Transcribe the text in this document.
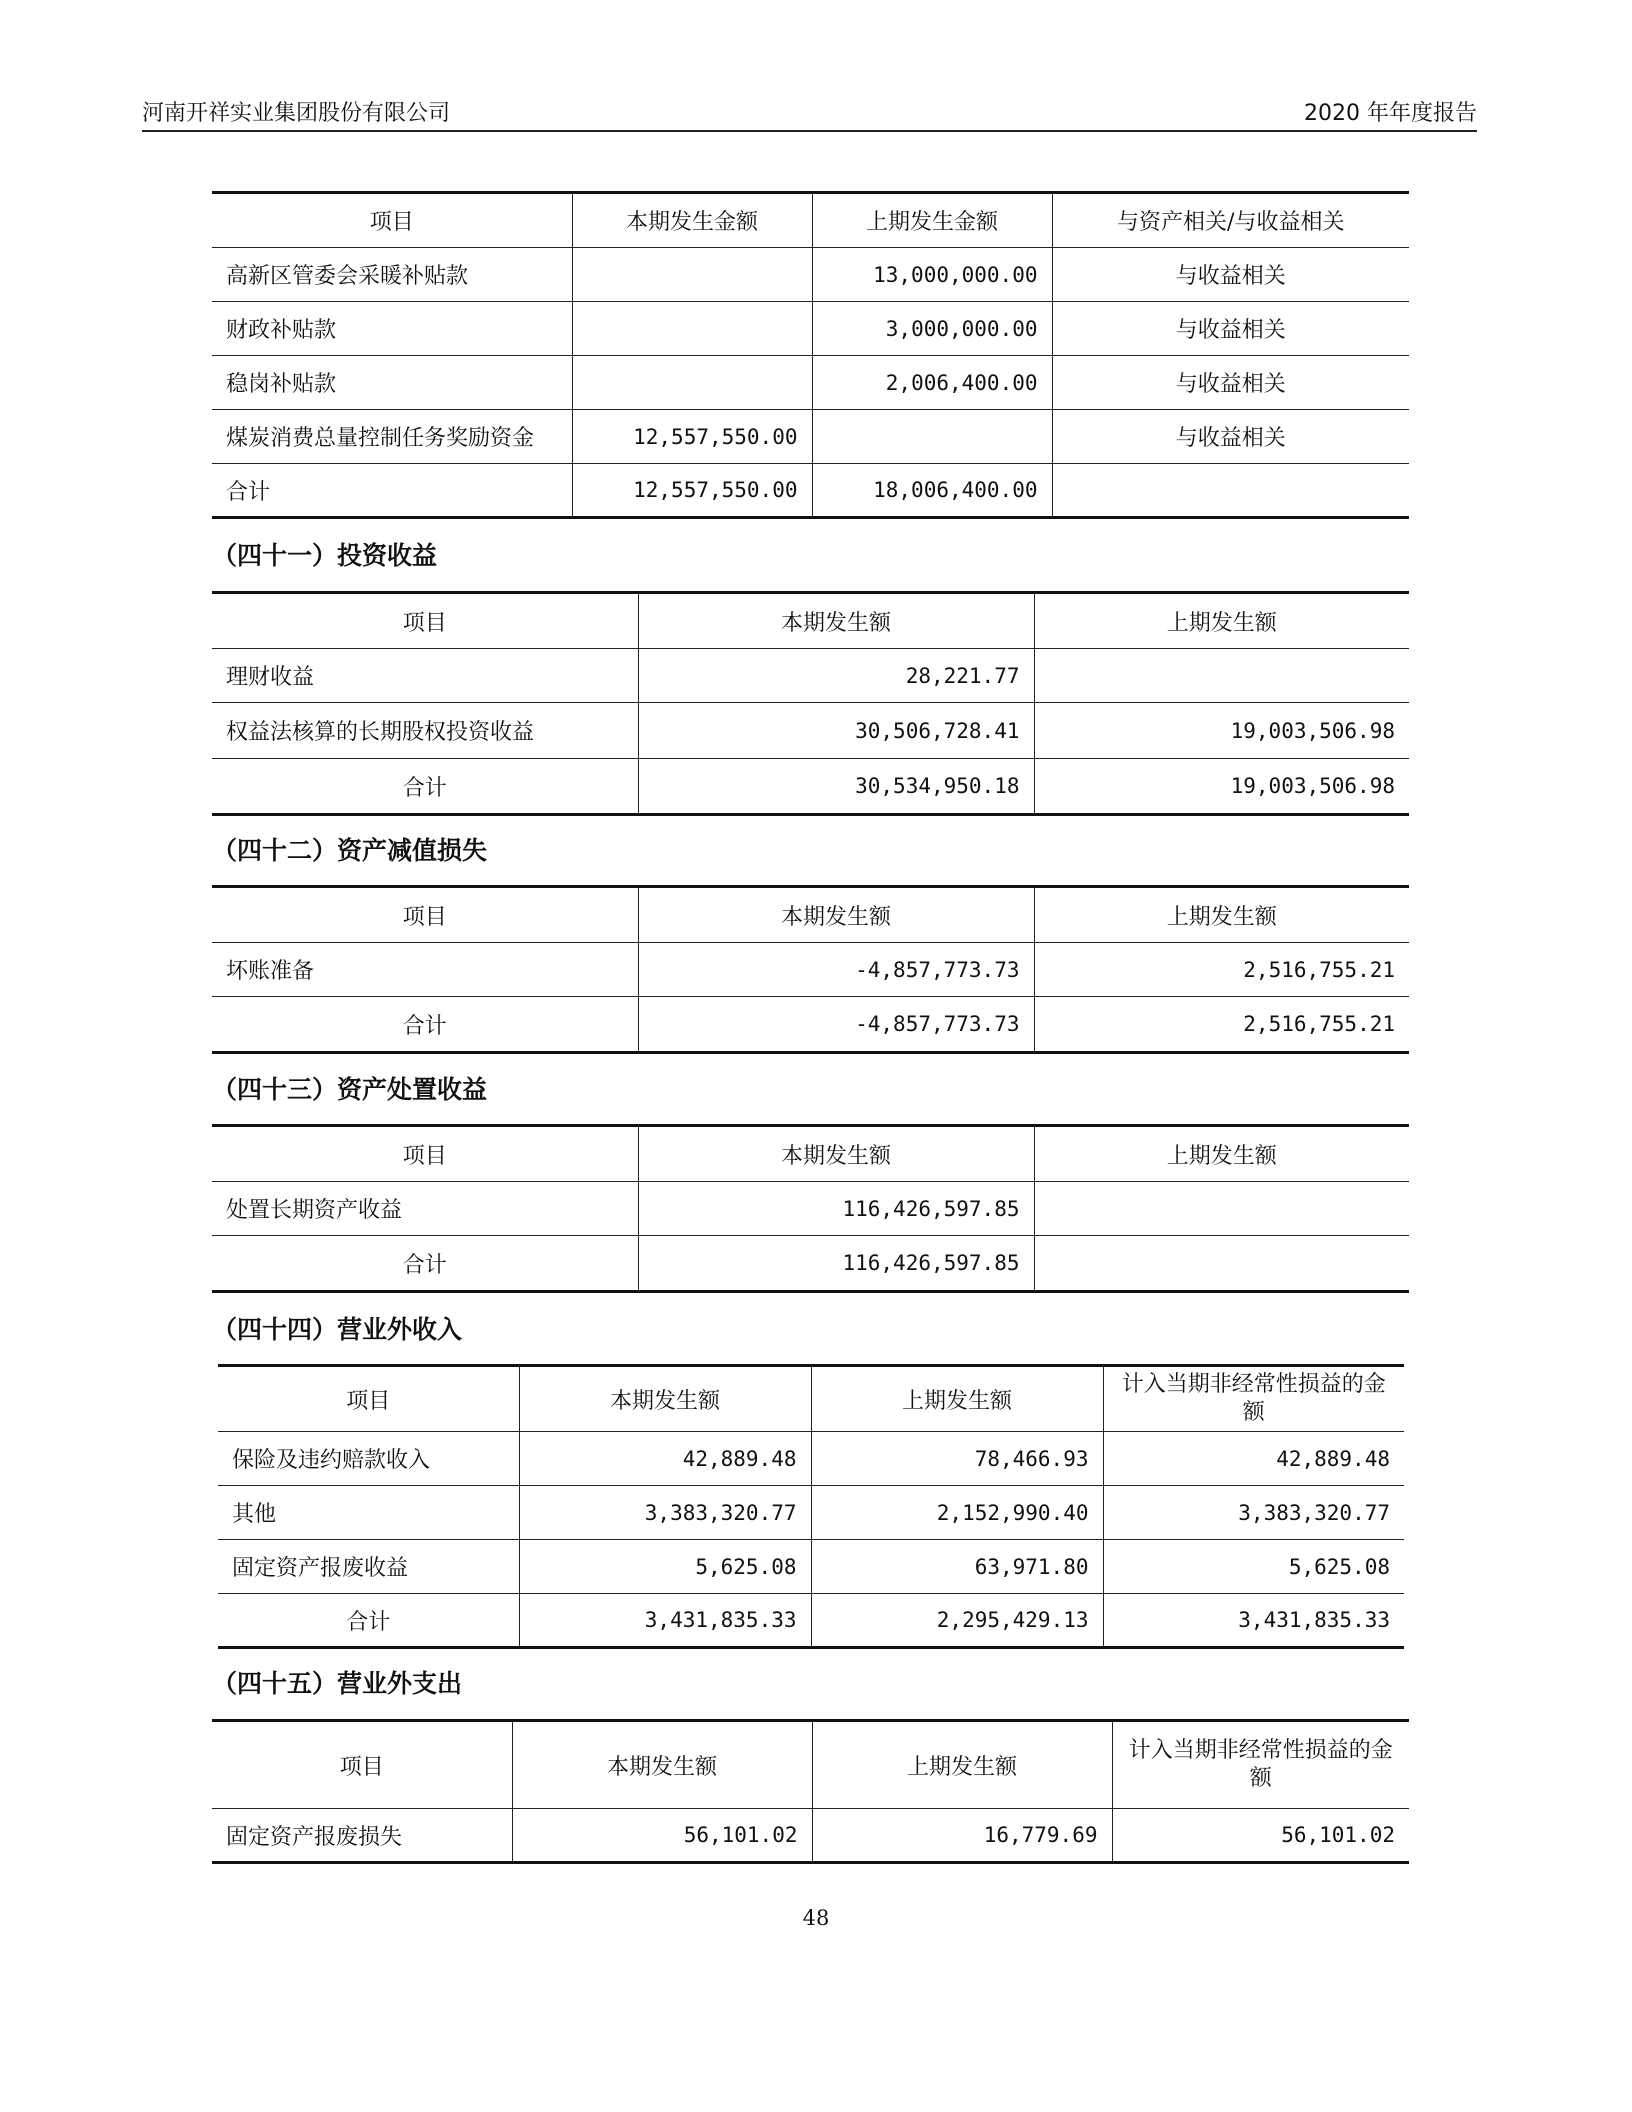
河南开祥实业集团股份有限公司	2020 年年度报告
项目	本期发生金额	上期发生金额	与资产相关/与收益相关
高新区管委会采暖补贴款		13,000,000.00	与收益相关
财政补贴款		3,000,000.00	与收益相关
稳岗补贴款		2,006,400.00	与收益相关
煤炭消费总量控制任务奖励资金	12,557,550.00		与收益相关
合计	12,557,550.00	18,006,400.00	
（四十一）投资收益
项目	本期发生额	上期发生额
理财收益	28,221.77	
权益法核算的长期股权投资收益	30,506,728.41	19,003,506.98
合计	30,534,950.18	19,003,506.98
（四十二）资产减值损失
项目	本期发生额	上期发生额
坏账准备	-4,857,773.73	2,516,755.21
合计	-4,857,773.73	2,516,755.21
（四十三）资产处置收益
项目	本期发生额	上期发生额
处置长期资产收益	116,426,597.85	
合计	116,426,597.85	
（四十四）营业外收入
项目	本期发生额	上期发生额	计入当期非经常性损益的金额
保险及违约赔款收入	42,889.48	78,466.93	42,889.48
其他	3,383,320.77	2,152,990.40	3,383,320.77
固定资产报废收益	5,625.08	63,971.80	5,625.08
合计	3,431,835.33	2,295,429.13	3,431,835.33
（四十五）营业外支出
项目	本期发生额	上期发生额	计入当期非经常性损益的金额
固定资产报废损失	56,101.02	16,779.69	56,101.02
48
